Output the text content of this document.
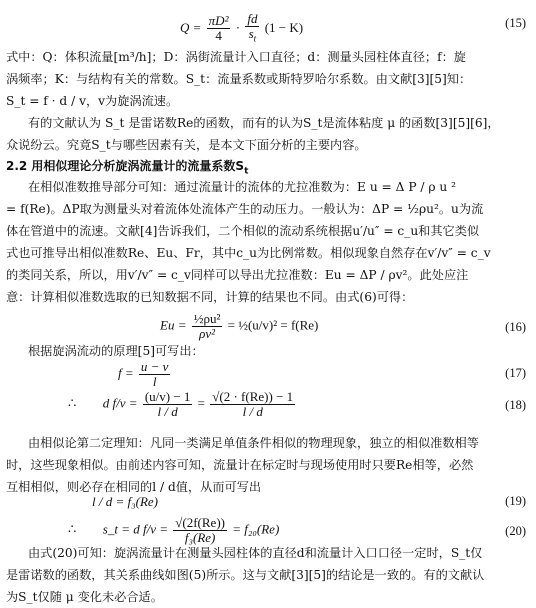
$Q = \frac{\text{πD²}}{4} \cdot \frac{fd}{s_t} (1 - K)$	(15)
式中：Q：体积流量[m³/h]；D：涡街流量计入口直径；d：测量头园柱体直径；f：旋
涡频率；K：与结构有关的常数。S_t：流量系数或斯特罗哈尔系数。由文献[3][5]知：
S_t = f · d / v，v为旋涡流速。
有的文献认为 S_t 是雷诺数Re的函数，而有的认为S_t是流体粘度 μ 的函数[3][5][6]，
众说纷云。究竟S_t与哪些因素有关，是本文下面分析的主要内容。
2.2 用相似理论分析旋涡流量计的流量系数$S_t$
在相似准数推导部分可知：通过流量计的流体的尤拉准数为：E u = Δ P / ρ u ²
= f(Re)。ΔP取为测量头对着流体处流体产生的动压力。一般认为：ΔP = ½ρu²。u为流
体在管道中的流速。文献[4]告诉我们，二个相似的流动系统根据u′/u″ = c_u和其它类似
式也可推导出相似准数Re、Eu、Fr，其中c_u为比例常数。相似现象自然存在v′/v″ = c_v
的类同关系，所以，用v′/v″ = c_v同样可以导出尤拉准数：Eu = ΔP / ρv²。此处应注
意：计算相似准数选取的已知数据不同，计算的结果也不同。由式(6)可得：
$Eu = \frac{\text{½ρu²}}{\text{ρv²}}$ = ½(u/v)² = f(Re)	(16)
根据旋涡流动的原理[5]可写出：
$f = \frac{u - v}{l}$	(17)
∴ d $f/v = \frac{(u/v) - 1}{l / d} = \frac{√(2 \cdot f(Re)) - 1}{l / d}$	(18)
由相似论第二定理知：凡同一类满足单值条件相似的物理现象，独立的相似准数相等
时，这些现象相似。由前述内容可知，流量计在标定时与现场使用时只要Re相等，必然
互相相似，则必存在相同的l / d值，从而可写出
l / d = f₃(Re)	(19)
∴ s_t = d $f/v = \frac{√(2f(Re))}{\text{f₃(Re)}} = f_{20}(Re)$	(20)
由式(20)可知：旋涡流量计在测量头园柱体的直径d和流量计入口口径一定时，S_t仅
是雷诺数的函数，其关系曲线如图(5)所示。这与文献[3][5]的结论是一致的。有的文献认
为S_t仅随 μ 变化未必合适。
